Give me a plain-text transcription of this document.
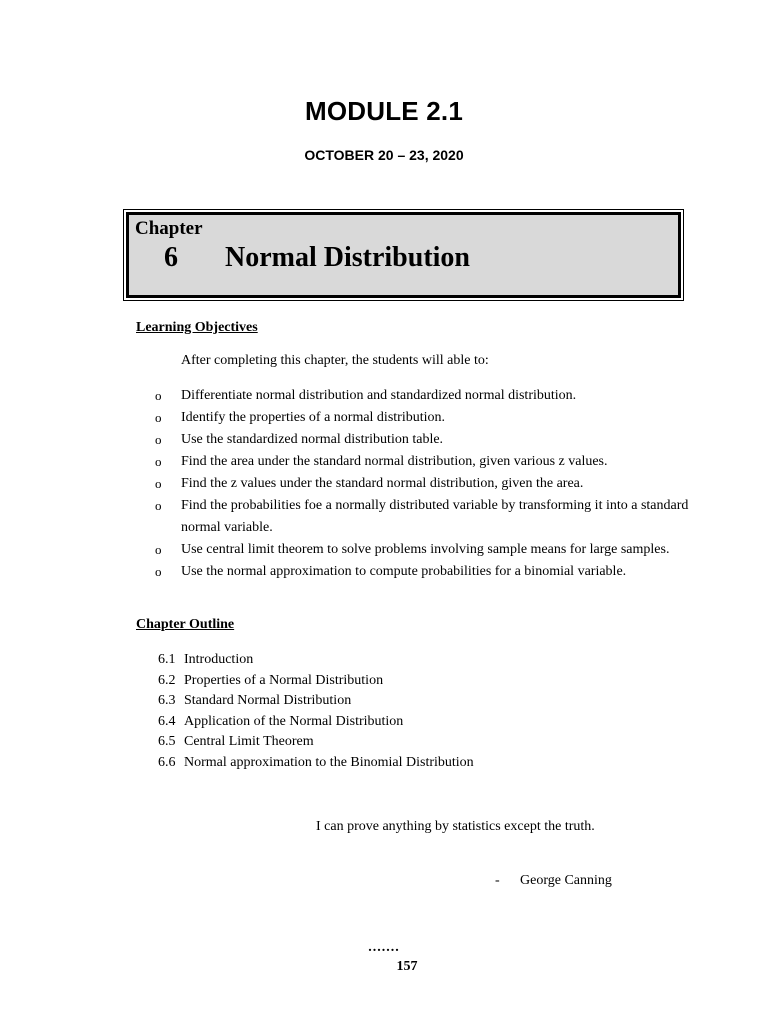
MODULE 2.1
OCTOBER 20 – 23, 2020
Chapter
6 Normal Distribution
Learning Objectives
After completing this chapter, the students will able to:
o Differentiate normal distribution and standardized normal distribution.
o Identify the properties of a normal distribution.
o Use the standardized normal distribution table.
o Find the area under the standard normal distribution, given various z values.
o Find the z values under the standard normal distribution, given the area.
o Find the probabilities foe a normally distributed variable by transforming it into a standard normal variable.
o Use central limit theorem to solve problems involving sample means for large samples.
o Use the normal approximation to compute probabilities for a binomial variable.
Chapter Outline
6.1 Introduction
6.2 Properties of a Normal Distribution
6.3 Standard Normal Distribution
6.4 Application of the Normal Distribution
6.5 Central Limit Theorem
6.6 Normal approximation to the Binomial Distribution
I can prove anything by statistics except the truth.
- George Canning
.......
157
